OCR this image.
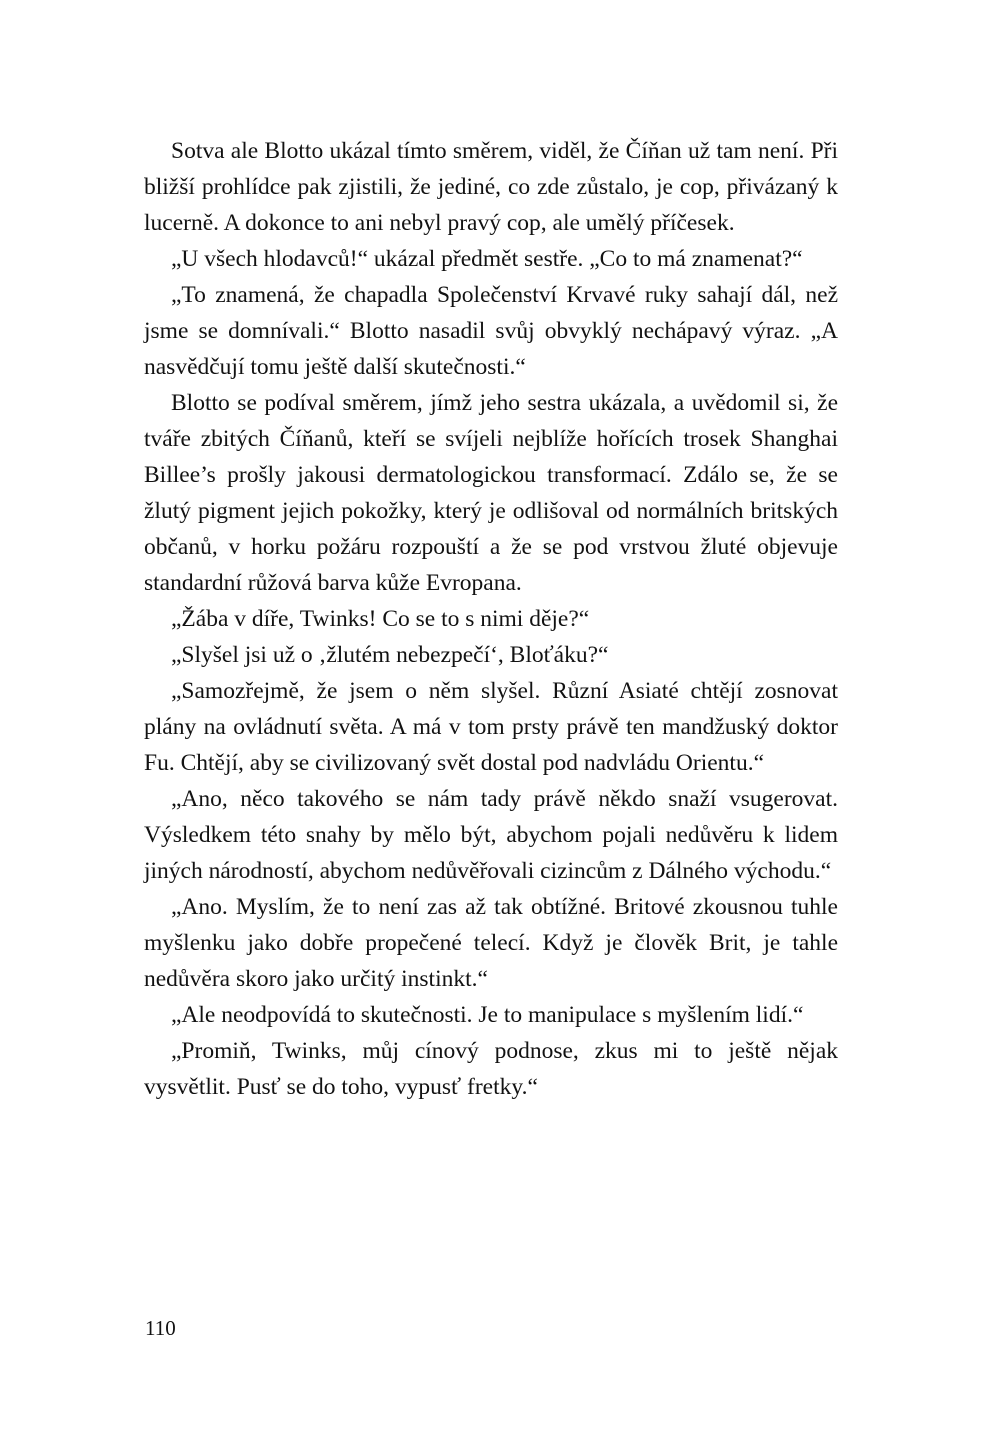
Sotva ale Blotto ukázal tímto směrem, viděl, že Číňan už tam není. Při bližší prohlídce pak zjistili, že jediné, co zde zůstalo, je cop, přivázaný k lucerně. A dokonce to ani nebyl pravý cop, ale umělý příčesek.

„U všech hlodavců!“ ukázal předmět sestře. „Co to má znamenat?“

„To znamená, že chapadla Společenství Krvavé ruky sahají dál, než jsme se domnívali.“ Blotto nasadil svůj obvyklý nechápavý výraz. „A nasvědčují tomu ještě další skutečnosti.“

Blotto se podíval směrem, jímž jeho sestra ukázala, a uvědomil si, že tváře zbitých Číňanů, kteří se svíjeli nejblíže hořících trosek Shanghai Billee’s prošly jakousi dermatologickou transformací. Zdálo se, že se žlutý pigment jejich pokožky, který je odlišoval od normálních britských občanů, v horku požáru rozpouští a že se pod vrstvou žluté objevuje standardní růžová barva kůže Evropana.

„Žába v díře, Twinks! Co se to s nimi děje?“

„Slyšel jsi už o ‚žlutém nebezpečí‘, Bloťáku?“

„Samozřejmě, že jsem o něm slyšel. Různí Asiaté chtějí zosnovat plány na ovládnutí světa. A má v tom prsty právě ten mandžuský doktor Fu. Chtějí, aby se civilizovaný svět dostal pod nadvládu Orientu.“

„Ano, něco takového se nám tady právě někdo snaží vsugerovat. Výsledkem této snahy by mělo být, abychom pojali nedůvěru k lidem jiných národností, abychom nedůvěřovali cizincům z Dálného východu.“

„Ano. Myslím, že to není zas až tak obtížné. Britové zkousnou tuhle myšlenku jako dobře propečené telecí. Když je člověk Brit, je tahle nedůvěra skoro jako určitý instinkt.“

„Ale neodpovídá to skutečnosti. Je to manipulace s myšlením lidí.“

„Promiň, Twinks, můj cínový podnose, zkus mi to ještě nějak vysvětlit. Pusť se do toho, vypusť fretky.“

110
